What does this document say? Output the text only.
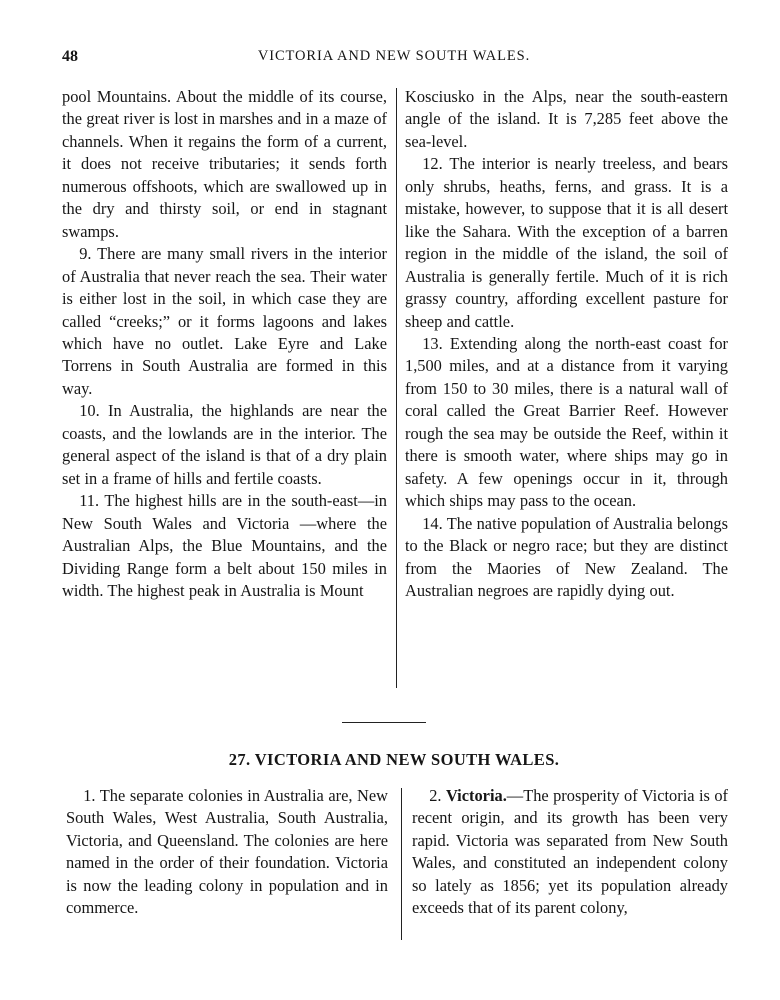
48	VICTORIA AND NEW SOUTH WALES.

pool Mountains. About the middle of its course, the great river is lost in marshes and in a maze of channels. When it regains the form of a current, it does not receive tributaries; it sends forth numerous offshoots, which are swallowed up in the dry and thirsty soil, or end in stagnant swamps.

9. There are many small rivers in the interior of Australia that never reach the sea. Their water is either lost in the soil, in which case they are called “creeks;” or it forms lagoons and lakes which have no outlet. Lake Eyre and Lake Torrens in South Australia are formed in this way.

10. In Australia, the highlands are near the coasts, and the lowlands are in the interior. The general aspect of the island is that of a dry plain set in a frame of hills and fertile coasts.

11. The highest hills are in the south-east—in New South Wales and Victoria —where the Australian Alps, the Blue Mountains, and the Dividing Range form a belt about 150 miles in width. The highest peak in Australia is Mount

Kosciusko in the Alps, near the south-eastern angle of the island. It is 7,285 feet above the sea-level.

12. The interior is nearly treeless, and bears only shrubs, heaths, ferns, and grass. It is a mistake, however, to suppose that it is all desert like the Sahara. With the exception of a barren region in the middle of the island, the soil of Australia is generally fertile. Much of it is rich grassy country, affording excellent pasture for sheep and cattle.

13. Extending along the north-east coast for 1,500 miles, and at a distance from it varying from 150 to 30 miles, there is a natural wall of coral called the Great Barrier Reef. However rough the sea may be outside the Reef, within it there is smooth water, where ships may go in safety. A few openings occur in it, through which ships may pass to the ocean.

14. The native population of Australia belongs to the Black or negro race; but they are distinct from the Maories of New Zealand. The Australian negroes are rapidly dying out.

27. VICTORIA AND NEW SOUTH WALES.

1. The separate colonies in Australia are, New South Wales, West Australia, South Australia, Victoria, and Queensland. The colonies are here named in the order of their foundation. Victoria is now the leading colony in population and in commerce.

2. Victoria.—The prosperity of Victoria is of recent origin, and its growth has been very rapid. Victoria was separated from New South Wales, and constituted an independent colony so lately as 1856; yet its population already exceeds that of its parent colony,
